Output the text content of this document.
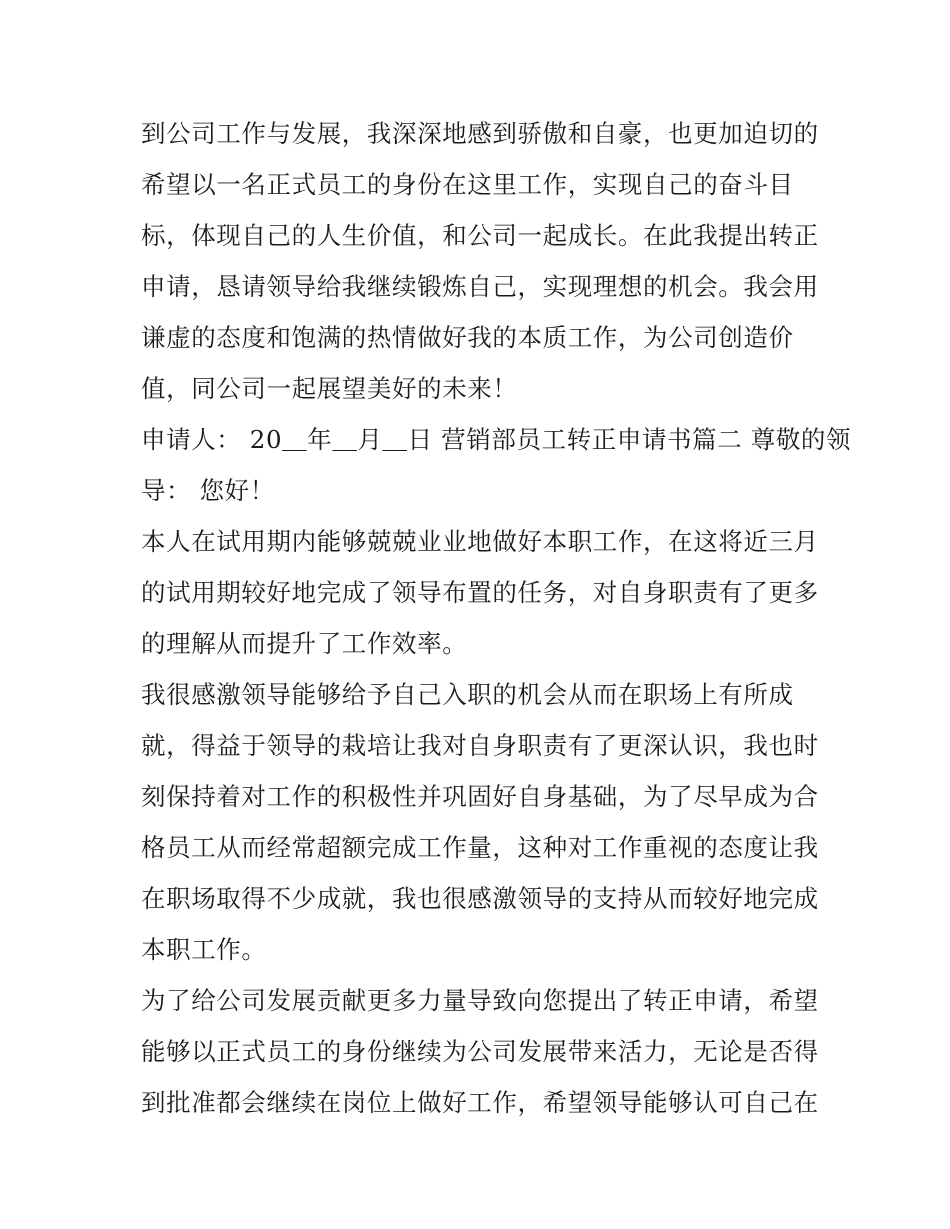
到公司工作与发展，我深深地感到骄傲和自豪，也更加迫切的
希望以一名正式员工的身份在这里工作，实现自己的奋斗目
标，体现自己的人生价值，和公司一起成长。在此我提出转正
申请，恳请领导给我继续锻炼自己，实现理想的机会。我会用
谦虚的态度和饱满的热情做好我的本质工作，为公司创造价
值，同公司一起展望美好的未来！
申请人： 20＿年＿月＿日 营销部员工转正申请书篇二 尊敬的领
导： 您好！
本人在试用期内能够兢兢业业地做好本职工作，在这将近三月
的试用期较好地完成了领导布置的任务，对自身职责有了更多
的理解从而提升了工作效率。
我很感激领导能够给予自己入职的机会从而在职场上有所成
就，得益于领导的栽培让我对自身职责有了更深认识，我也时
刻保持着对工作的积极性并巩固好自身基础，为了尽早成为合
格员工从而经常超额完成工作量，这种对工作重视的态度让我
在职场取得不少成就，我也很感激领导的支持从而较好地完成
本职工作。
为了给公司发展贡献更多力量导致向您提出了转正申请，希望
能够以正式员工的身份继续为公司发展带来活力，无论是否得
到批准都会继续在岗位上做好工作，希望领导能够认可自己在
